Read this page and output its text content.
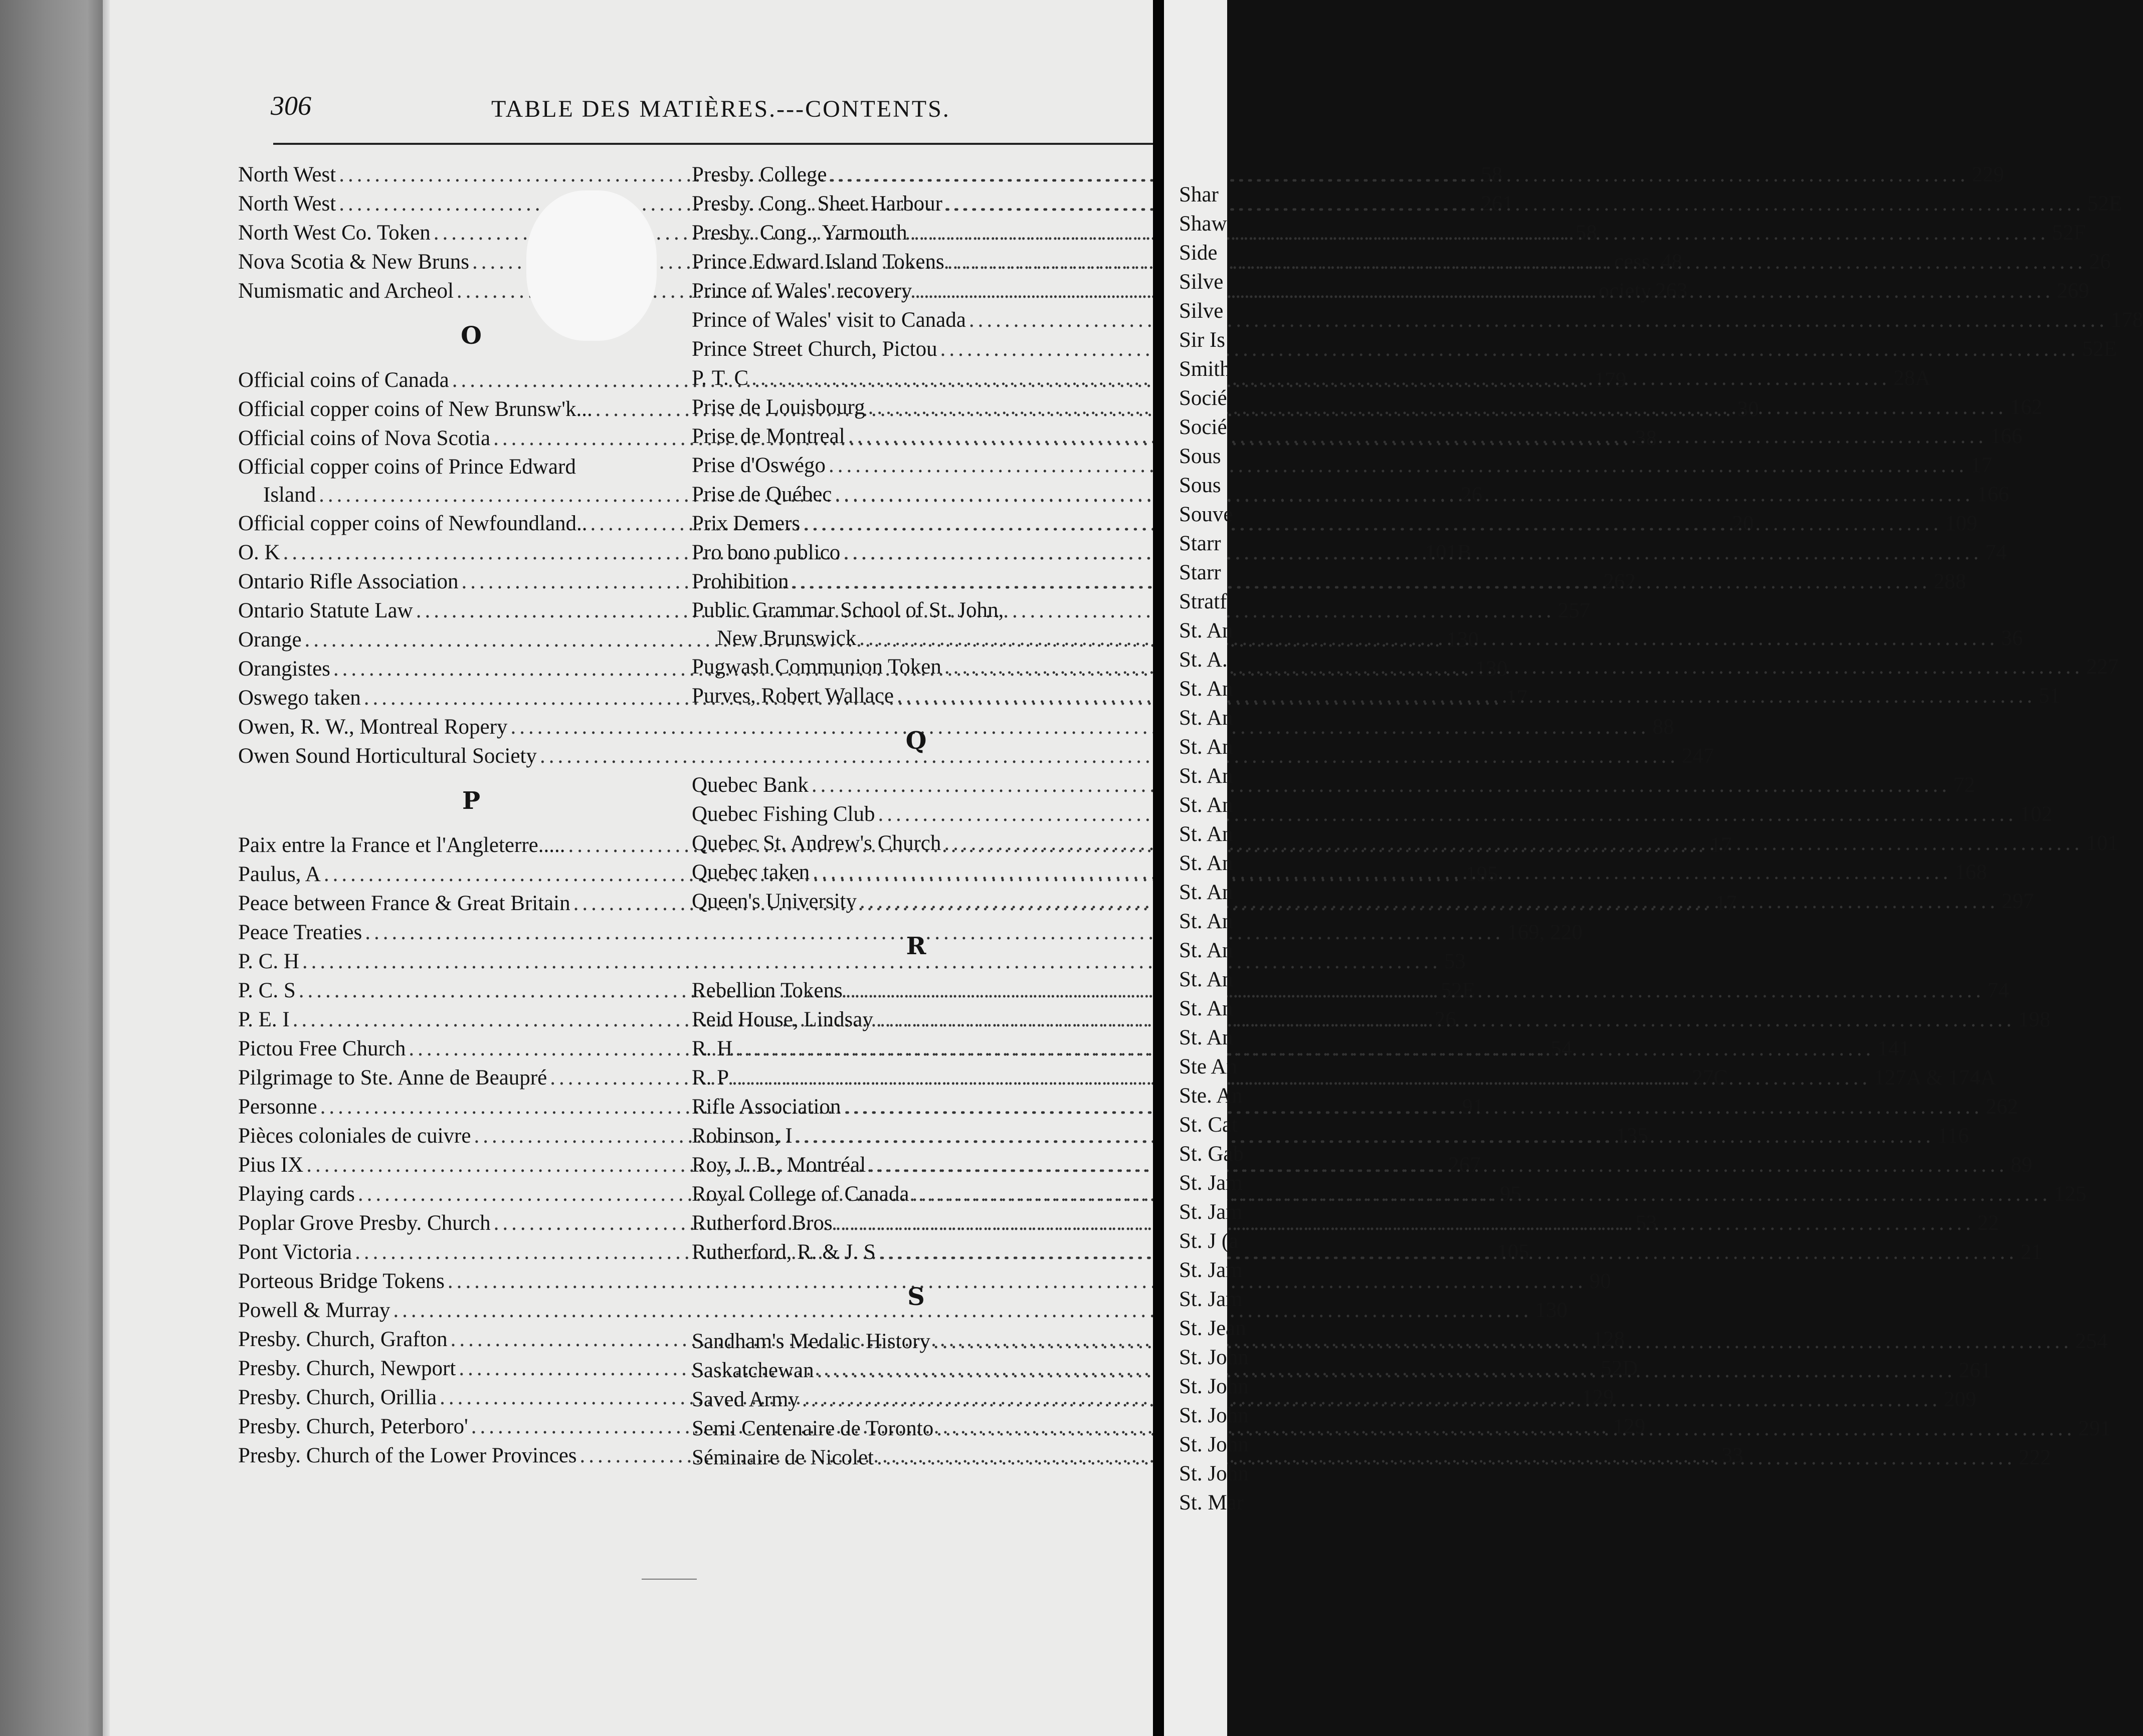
306	TABLE DES MATIÈRES.---CONTENTS.
North West .....	58
North West .....	261
North West Co. Token .....	58
Nova Scotia & New Bruns .....	cess. 48
Numismatic and Archeol .....	ociety.263
O
Official coins of Canada .....	179
Official copper coins of New Brunsw'k... .....	30
Official coins of Nova Scotia .....	38
Official copper coins of Prince Edward
Island .....	26
Official copper coins of Newfoundland.. .....	20
O. K .....	101B
Ontario Rifle Association .....	262
Ontario Statute Law .....	257
Orange .....	130
Orangistes .....	130
Oswego taken .....	17
Owen, R. W., Montreal Ropery .....	88
Owen Sound Horticultural Society .....	247
P
Paix entre la France et l'Angleterre..... .....	17
Paulus, A .....	195
Peace between France & Great Britain .....	17
Peace Treaties .....	169, 220
P. C. H .....	53
P. C. S .....	52E
P. E. I .....	26
Pictou Free Church .....	54
Pilgrimage to Ste. Anne de Beaupré .....	27C
Personne .....	91
Pièces coloniales de cuivre .....	135
Pius IX .....	267
Playing cards .....	95
Poplar Grove Presby. Church .....	53
Pont Victoria .....	105
Porteous Bridge Tokens .....	90
Powell & Murray .....	130
Presby. Church, Grafton .....	128
Presby. Church, Newport .....	52D
Presby. Church, Orillia .....	129
Presby. Church, Peterboro' .....	129
Presby. Church of the Lower Provinces .....	33
Presby. College .....	229
Presby. Cong. Sheet Harbour .....	52E
Presby. Cong., Yarmouth .....	52F
Prince Edward Island Tokens .....	26
Prince of Wales' recovery .....	269
Prince of Wales' visit to Canada .....	178
Prince Street Church, Pictou .....	52E
P. T. C .....	28A
Prise de Louisbourg .....	162
Prise de Montreal .....	166
Prise d'Oswégo .....	17
Prise de Québec .....	166
Prix Demers .....	109
Pro bono publico .....	74
Prohibition .....	288
Public Grammar School of St. John,
New Brunswick .....	36
Pugwash Communion Token .....	227
Purves, Robert Wallace .....	51
Q
Quebec Bank .....	72
Quebec Fishing Club .....	102
Quebec St. Andrew's Church .....	101
Quebec taken .....	168
Queen's University .....	297
R
Rebellion Tokens .....	74
Reid House, Lindsay .....	198
R. H .....	141
R. P .....	127A & 174A
Rifle Association .....	262
Robinson, I .....	116
Roy, J. B., Montréal .....	89
Royal College of Canada .....	125
Rutherford Bros .....	22
Rutherford, R. & J. S .....	21
S
Sandham's Medalic History .....	254
Saskatchewan .....	261
Saved Army .....	209
Semi Centenaire de Toronto .....	291
Séminaire de Nicolet .....	222
Shar
Shaw
Side
Silve
Silve
Sir Is
Smith
Socié
Socié
Sous
Sous
Souve
Starr
Starr
Stratf
St. An
St. A.
St. An
St. An
St. An
St. An
St. An
St. An
St. An
St. An
St. An
St. An
St. An
St. An
St. An
Ste An
Ste. An
St. Cat
St. Gab
St. Jam
St. Jam
St. J (a
St. Jam
St. Jam
St. Jean
St. John
St. John
St. John
St. John
St. John
St. Mar
